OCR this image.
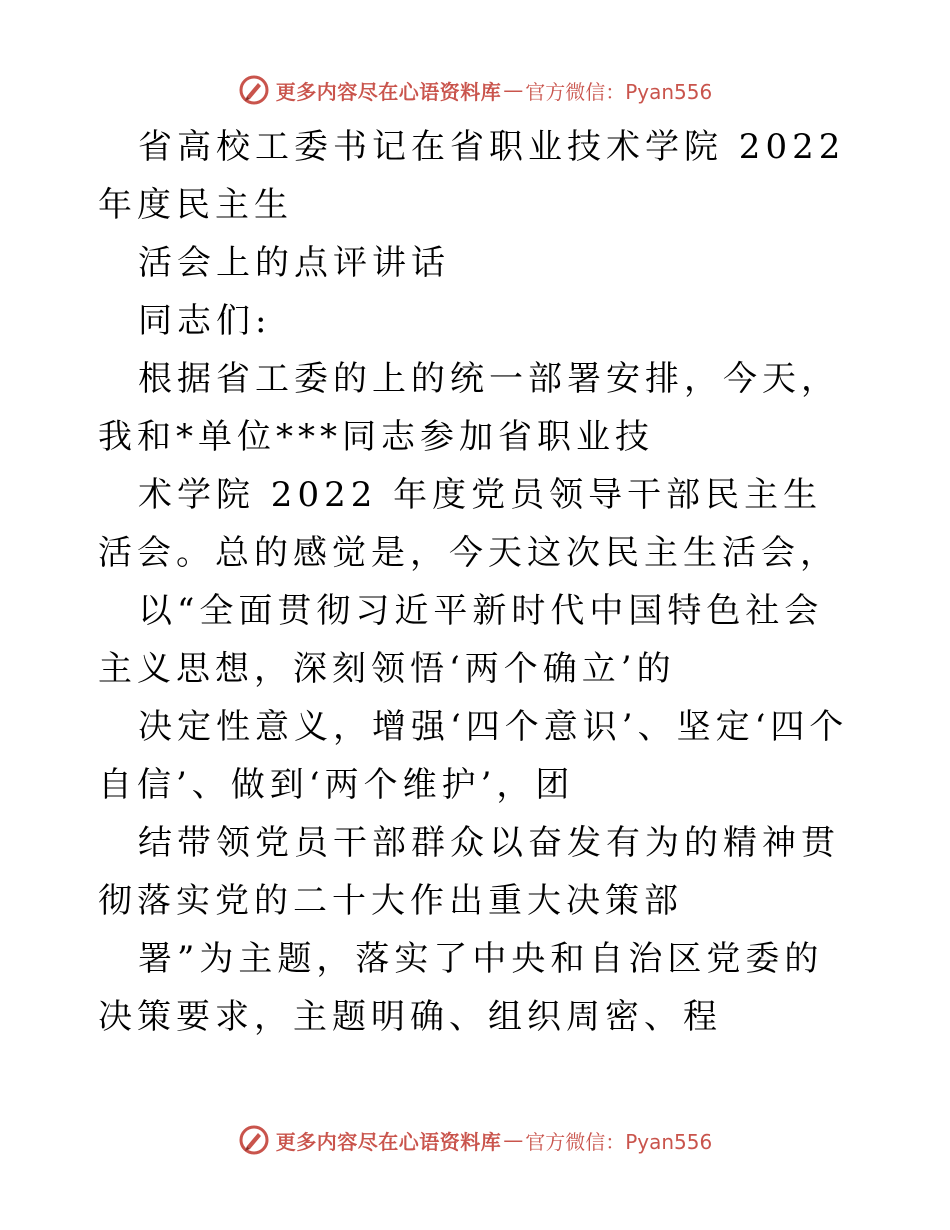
更多内容尽在心语资料库 — 官方微信：Pyan556

省高校工委书记在省职业技术学院 2022 年度民主生

活会上的点评讲话

同志们:

根据省工委的上的统一部署安排，今天，我和*单位***同志参加省职业技

术学院 2022 年度党员领导干部民主生活会。总的感觉是，今天这次民主生活会，

以“全面贯彻习近平新时代中国特色社会主义思想，深刻领悟‘两个确立’的

决定性意义，增强‘四个意识’、坚定‘四个自信’、做到‘两个维护’，团

结带领党员干部群众以奋发有为的精神贯彻落实党的二十大作出重大决策部

署”为主题，落实了中央和自治区党委的决策要求，主题明确、组织周密、程

更多内容尽在心语资料库 — 官方微信：Pyan556
